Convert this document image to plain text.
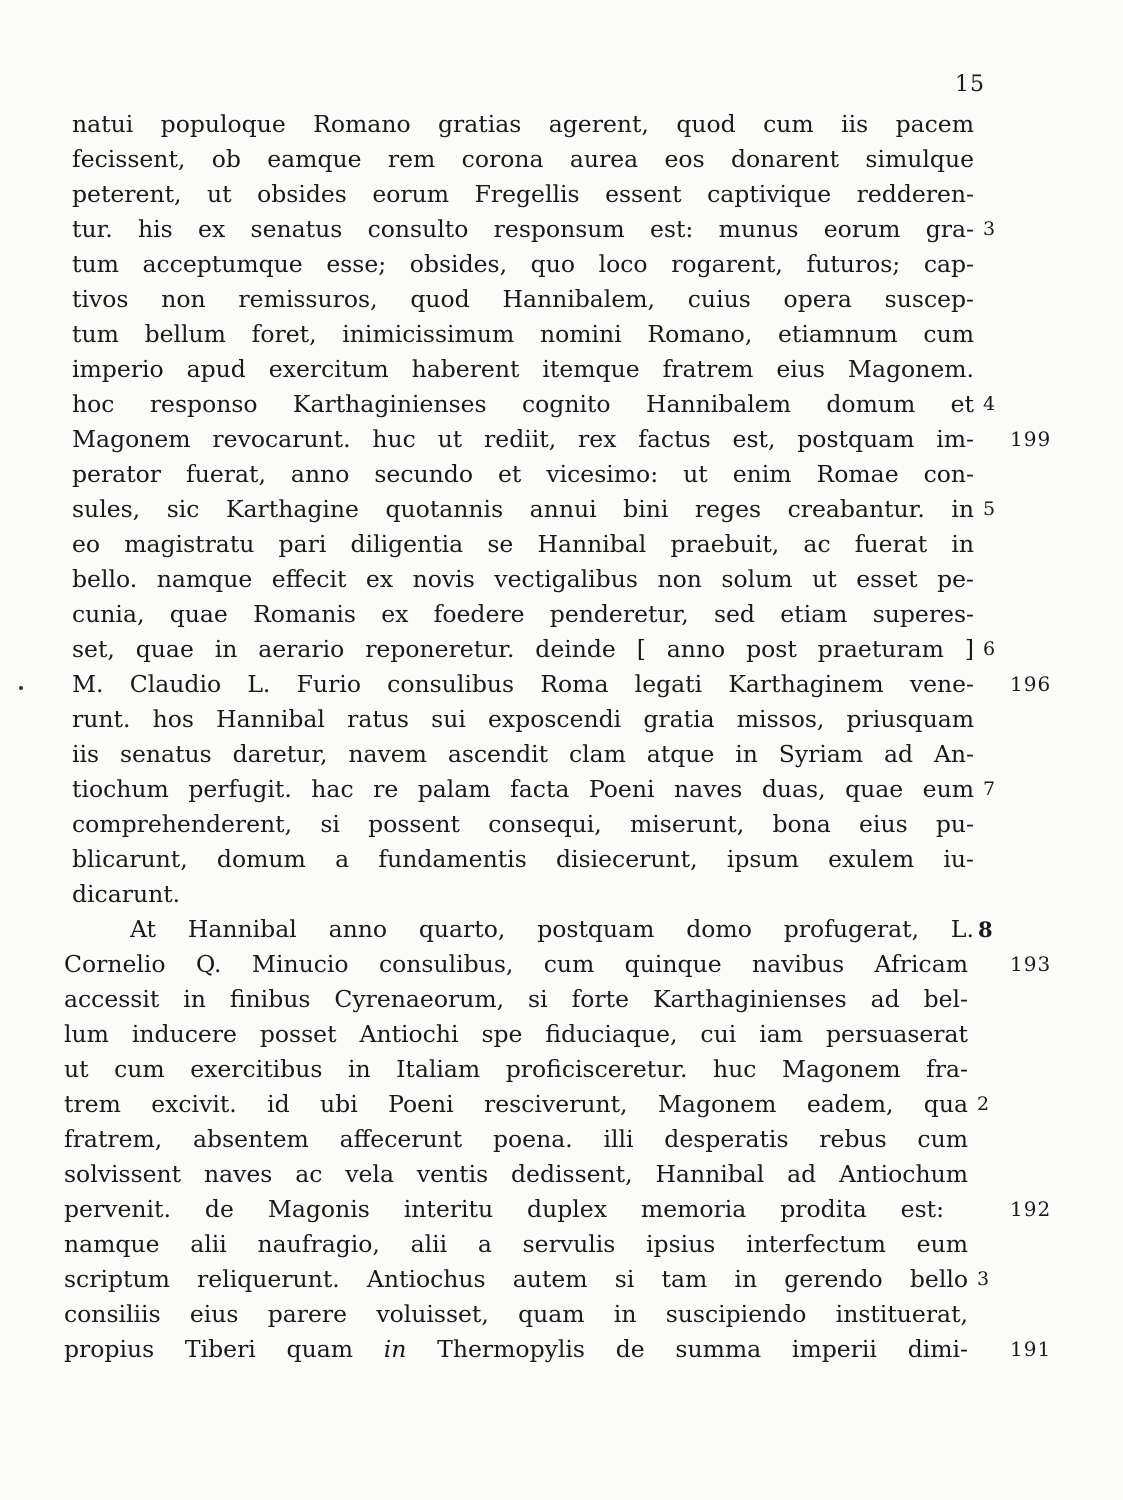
15
natui populoque Romano gratias agerent, quod cum iis pacem
fecissent, ob eamque rem corona aurea eos donarent simulque
peterent, ut obsides eorum Fregellis essent captivique redderen-
tur. his ex senatus consulto responsum est: munus eorum gra- 3
tum acceptumque esse; obsides, quo loco rogarent, futuros; cap-
tivos non remissuros, quod Hannibalem, cuius opera suscep-
tum bellum foret, inimicissimum nomini Romano, etiamnum cum
imperio apud exercitum haberent itemque fratrem eius Magonem.
hoc responso Karthaginienses cognito Hannibalem domum et 4
Magonem revocarunt. huc ut rediit, rex factus est, postquam im- 199
perator fuerat, anno secundo et vicesimo: ut enim Romae con-
sules, sic Karthagine quotannis annui bini reges creabantur. in 5
eo magistratu pari diligentia se Hannibal praebuit, ac fuerat in
bello. namque effecit ex novis vectigalibus non solum ut esset pe-
cunia, quae Romanis ex foedere penderetur, sed etiam superes-
set, quae in aerario reponeretur. deinde [ anno post praeturam ] 6
M. Claudio L. Furio consulibus Roma legati Karthaginem vene- 196
runt. hos Hannibal ratus sui exposcendi gratia missos, priusquam
iis senatus daretur, navem ascendit clam atque in Syriam ad An-
tiochum perfugit. hac re palam facta Poeni naves duas, quae eum 7
comprehenderent, si possent consequi, miserunt, bona eius pu-
blicarunt, domum a fundamentis disiecerunt, ipsum exulem iu-
dicarunt.
At Hannibal anno quarto, postquam domo profugerat, L. 8
Cornelio Q. Minucio consulibus, cum quinque navibus Africam 193
accessit in finibus Cyrenaeorum, si forte Karthaginienses ad bel-
lum inducere posset Antiochi spe fiduciaque, cui iam persuaserat
ut cum exercitibus in Italiam proficisceretur. huc Magonem fra-
trem excivit. id ubi Poeni resciverunt, Magonem eadem, qua 2
fratrem, absentem affecerunt poena. illi desperatis rebus cum
solvissent naves ac vela ventis dedissent, Hannibal ad Antiochum
pervenit. de Magonis interitu duplex memoria prodita est:	192
namque alii naufragio, alii a servulis ipsius interfectum eum
scriptum reliquerunt. Antiochus autem si tam in gerendo bello 3
consiliis eius parere voluisset, quam in suscipiendo instituerat,
propius Tiberi quam in Thermopylis de summa imperii dimi- 191
